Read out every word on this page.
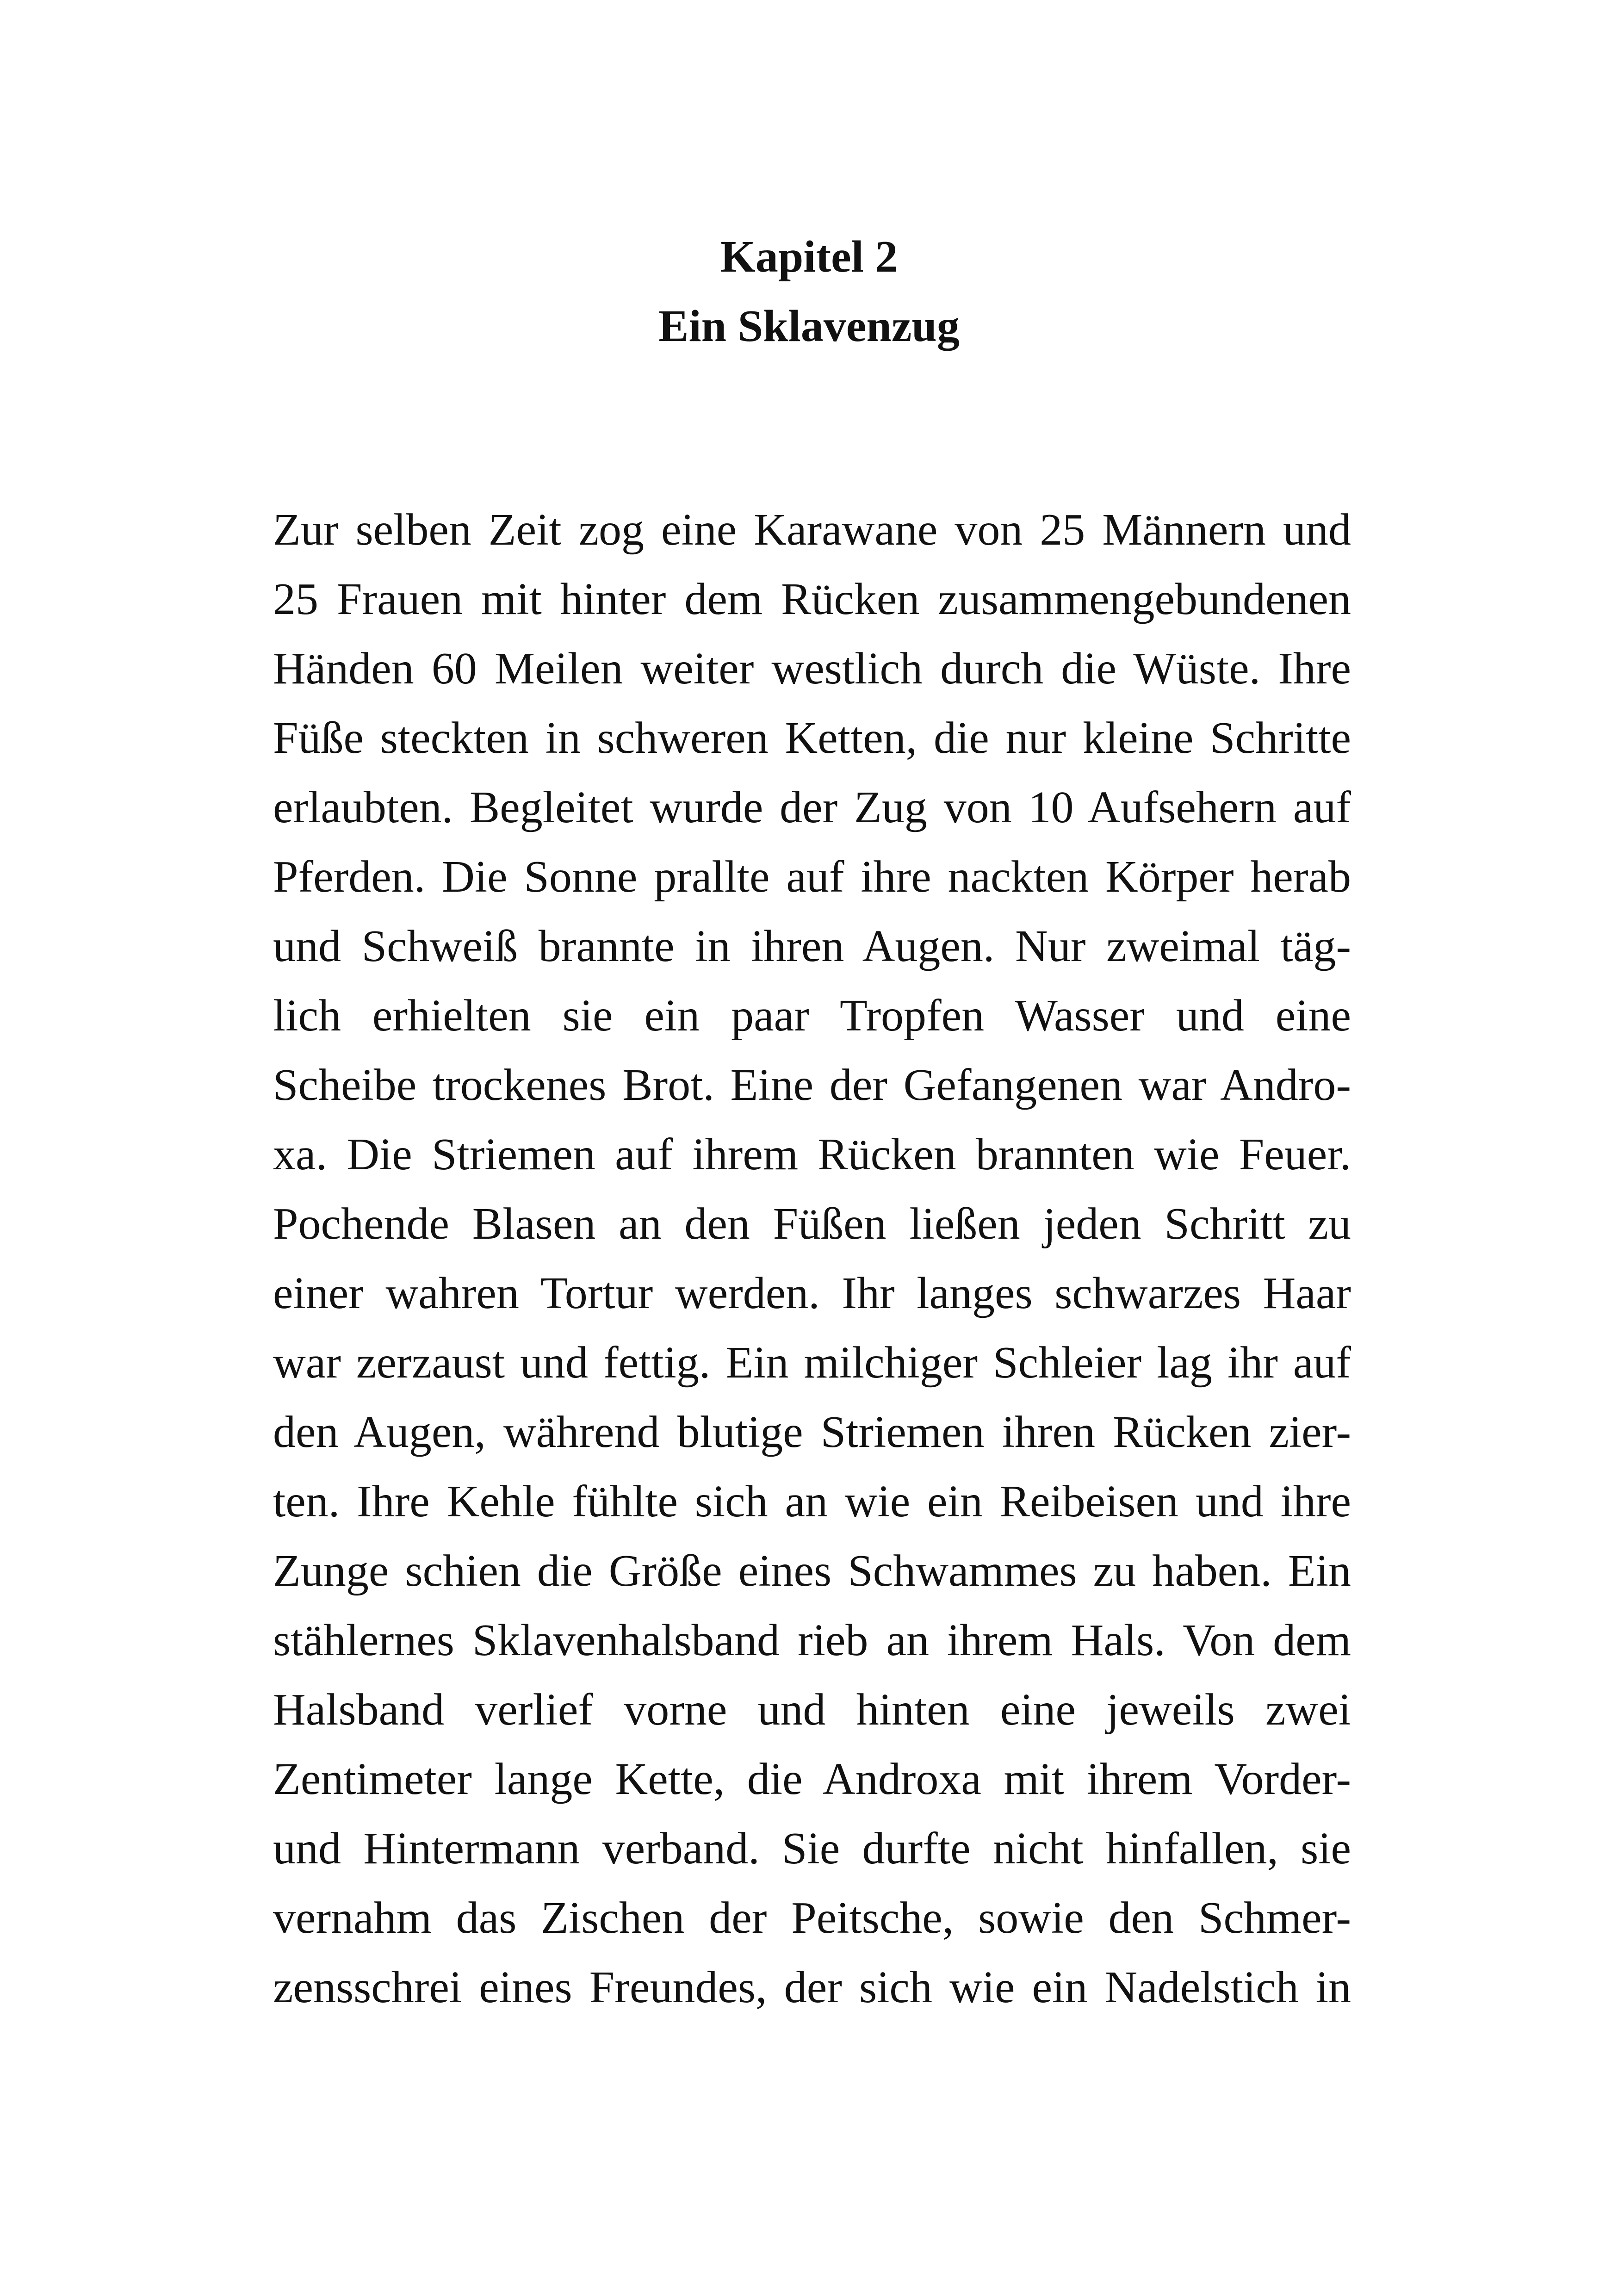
Kapitel 2
Ein Sklavenzug
Zur selben Zeit zog eine Karawane von 25 Männern und
25 Frauen mit hinter dem Rücken zusammengebundenen
Händen 60 Meilen weiter westlich durch die Wüste. Ihre
Füße steckten in schweren Ketten, die nur kleine Schritte
erlaubten. Begleitet wurde der Zug von 10 Aufsehern auf
Pferden. Die Sonne prallte auf ihre nackten Körper herab
und Schweiß brannte in ihren Augen. Nur zweimal täg-
lich erhielten sie ein paar Tropfen Wasser und eine
Scheibe trockenes Brot. Eine der Gefangenen war Andro-
xa. Die Striemen auf ihrem Rücken brannten wie Feuer.
Pochende Blasen an den Füßen ließen jeden Schritt zu
einer wahren Tortur werden. Ihr langes schwarzes Haar
war zerzaust und fettig. Ein milchiger Schleier lag ihr auf
den Augen, während blutige Striemen ihren Rücken zier-
ten. Ihre Kehle fühlte sich an wie ein Reibeisen und ihre
Zunge schien die Größe eines Schwammes zu haben. Ein
stählernes Sklavenhalsband rieb an ihrem Hals. Von dem
Halsband verlief vorne und hinten eine jeweils zwei
Zentimeter lange Kette, die Androxa mit ihrem Vorder-
und Hintermann verband. Sie durfte nicht hinfallen, sie
vernahm das Zischen der Peitsche, sowie den Schmer-
zensschrei eines Freundes, der sich wie ein Nadelstich in
